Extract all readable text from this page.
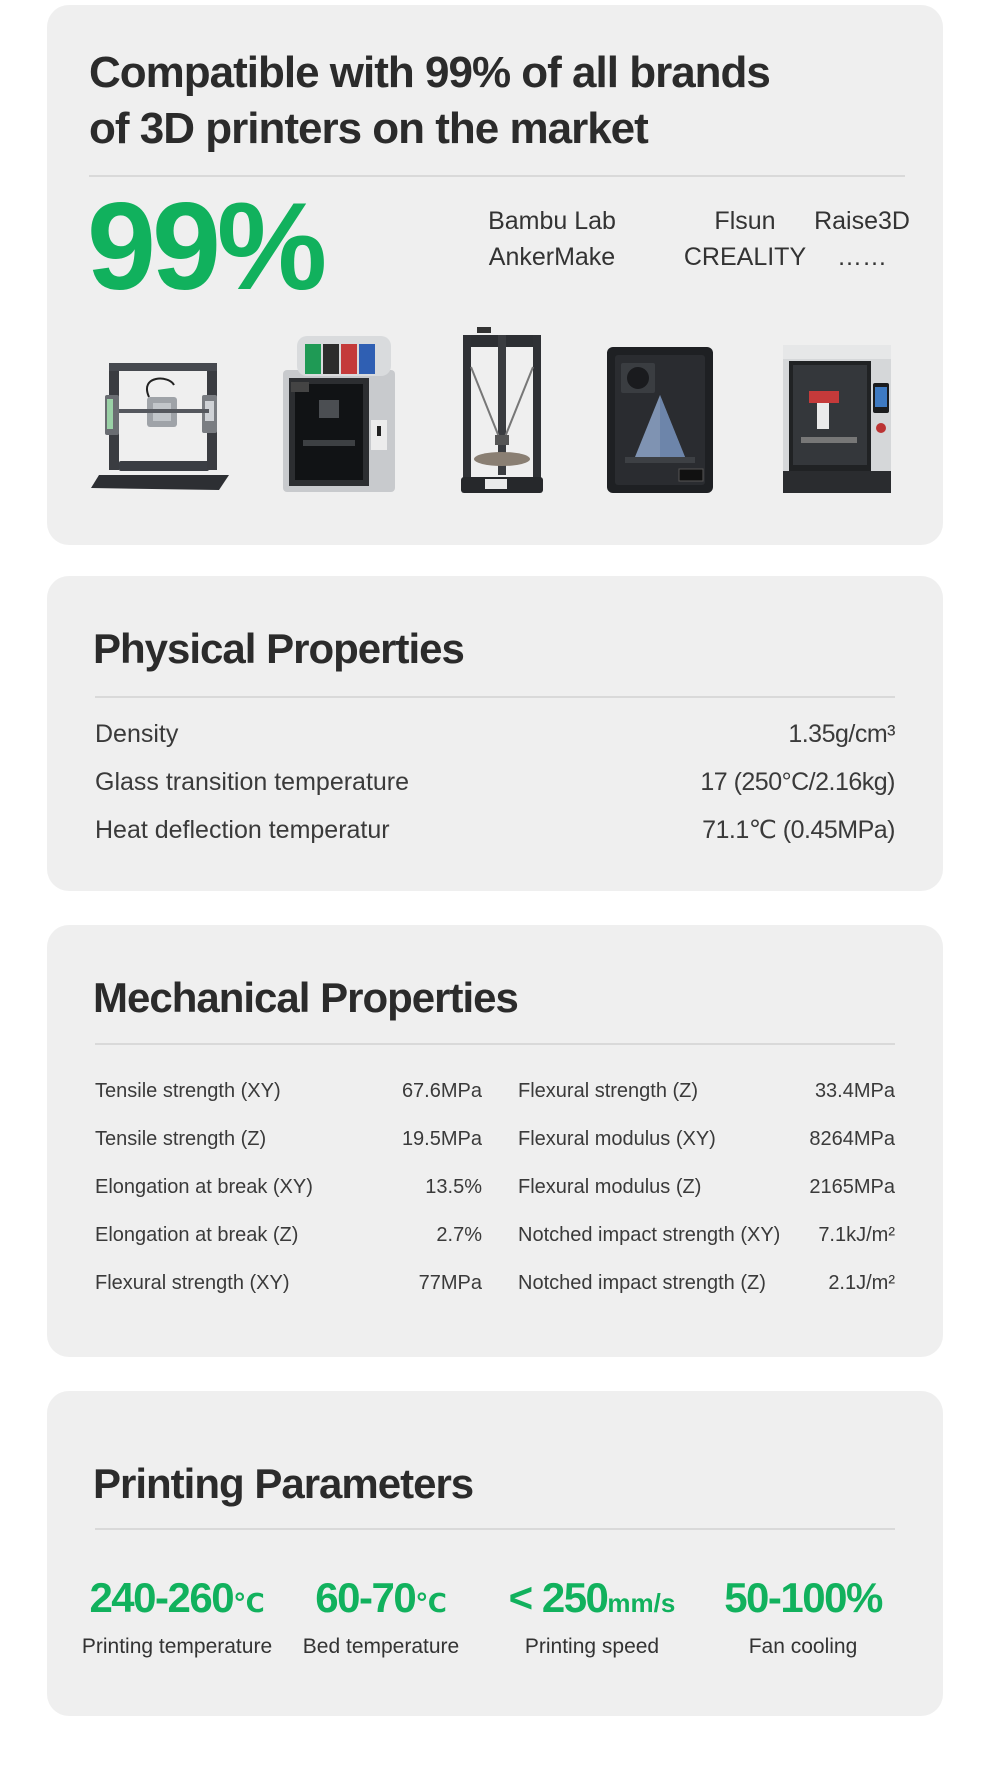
Compatible with 99% of all brands
of 3D printers on the market
99%	Bambu Lab
AnkerMake
Flsun
CREALITY
Raise3D
……
Physical Properties
Density	1.35g/cm³
Glass transition temperature	17 (250°C/2.16kg)
Heat deflection temperatur	71.1℃ (0.45MPa)
Mechanical Properties
Tensile strength (XY)	67.6MPa
Tensile strength (Z)	19.5MPa
Elongation at break (XY)	13.5%
Elongation at break (Z)	2.7%
Flexural strength (XY)	77MPa
Flexural strength (Z)	33.4MPa
Flexural modulus (XY)	8264MPa
Flexural modulus (Z)	2165MPa
Notched impact strength (XY) 7.1kJ/m²
Notched impact strength (Z)	2.1J/m²
Printing Parameters
240-260℃
Printing temperature
60-70℃
Bed temperature
< 250mm/s
Printing speed
50-100%
Fan cooling
